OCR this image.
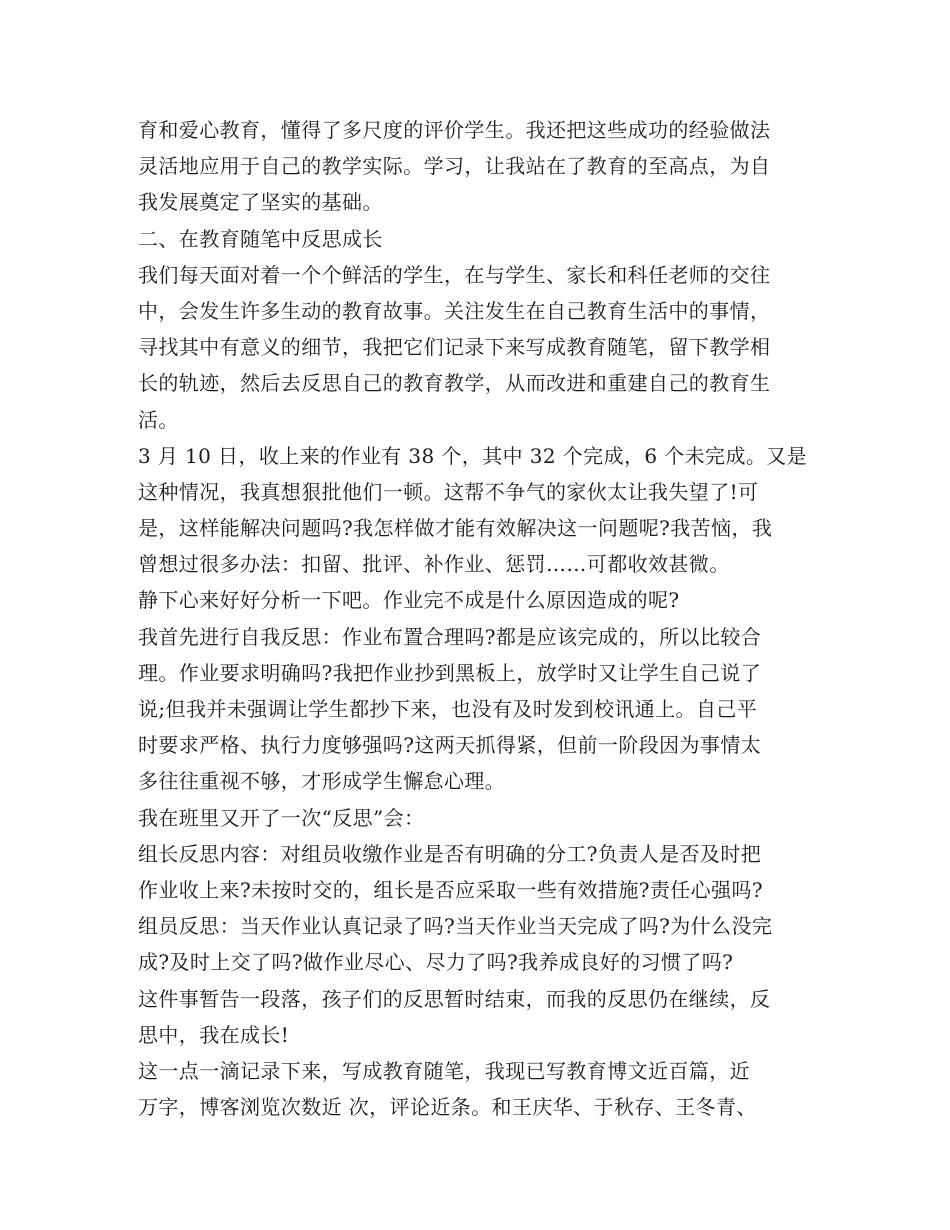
育和爱心教育，懂得了多尺度的评价学生。我还把这些成功的经验做法
灵活地应用于自己的教学实际。学习，让我站在了教育的至高点，为自
我发展奠定了坚实的基础。
二、在教育随笔中反思成长
我们每天面对着一个个鲜活的学生，在与学生、家长和科任老师的交往
中，会发生许多生动的教育故事。关注发生在自己教育生活中的事情，
寻找其中有意义的细节，我把它们记录下来写成教育随笔，留下教学相
长的轨迹，然后去反思自己的教育教学，从而改进和重建自己的教育生
活。
3 月 10 日，收上来的作业有 38 个，其中 32 个完成，6 个未完成。又是
这种情况，我真想狠批他们一顿。这帮不争气的家伙太让我失望了!可
是，这样能解决问题吗?我怎样做才能有效解决这一问题呢?我苦恼，我
曾想过很多办法：扣留、批评、补作业、惩罚……可都收效甚微。
静下心来好好分析一下吧。作业完不成是什么原因造成的呢?
我首先进行自我反思：作业布置合理吗?都是应该完成的，所以比较合
理。作业要求明确吗?我把作业抄到黑板上，放学时又让学生自己说了
说;但我并未强调让学生都抄下来，也没有及时发到校讯通上。自己平
时要求严格、执行力度够强吗?这两天抓得紧，但前一阶段因为事情太
多往往重视不够，才形成学生懈怠心理。
我在班里又开了一次“反思”会：
组长反思内容：对组员收缴作业是否有明确的分工?负责人是否及时把
作业收上来?未按时交的，组长是否应采取一些有效措施?责任心强吗?
组员反思：当天作业认真记录了吗?当天作业当天完成了吗?为什么没完
成?及时上交了吗?做作业尽心、尽力了吗?我养成良好的习惯了吗?
这件事暂告一段落，孩子们的反思暂时结束，而我的反思仍在继续，反
思中，我在成长!
这一点一滴记录下来，写成教育随笔，我现已写教育博文近百篇，近
万字，博客浏览次数近 次，评论近条。和王庆华、于秋存、王冬青、
